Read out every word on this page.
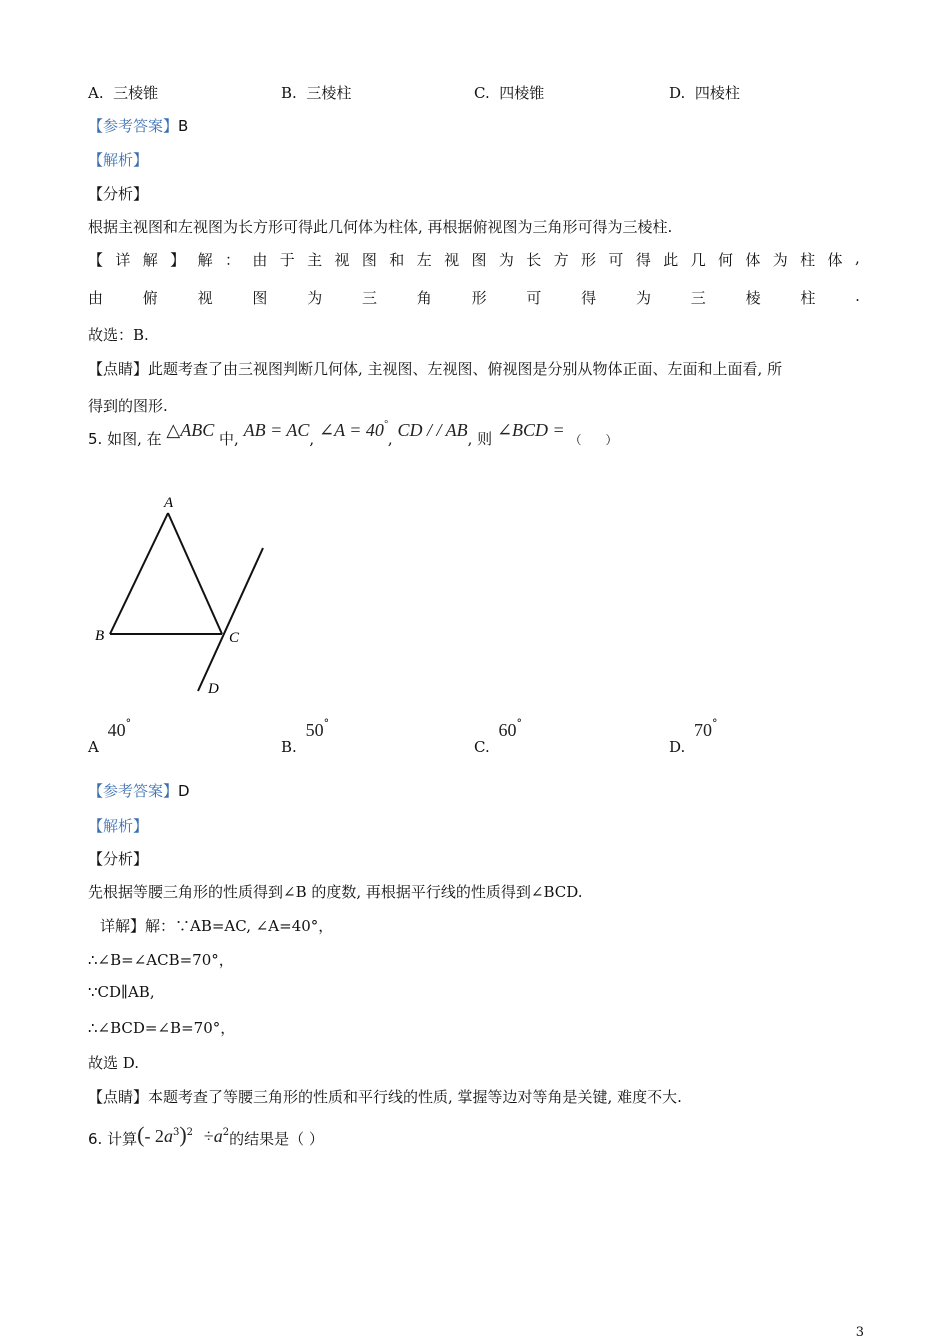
A. 三棱锥	B. 三棱柱	C. 四棱锥	D. 四棱柱
【参考答案】B
【解析】
【分析】
根据主视图和左视图为长方形可得此几何体为柱体, 再根据俯视图为三角形可得为三棱柱.
【 详 解 】 解 ： 由 于 主 视 图 和 左 视 图 为 长 方 形 可 得 此 几 何 体 为 柱 体 ,
由	俯	视	图	为	三	角	形	可	得	为	三	棱	柱	.
故选：B.
【点睛】此题考查了由三视图判断几何体, 主视图、左视图、俯视图是分别从物体正面、左面和上面看, 所
得到的图形.
5. 如图, 在 △ABC 中, AB = AC, ∠A = 40°, CD / / AB, 则 ∠BCD = （　　）
A
B	C
D
A 40°
B. 50°
C. 60°
D. 70°
【参考答案】D
【解析】
【分析】
先根据等腰三角形的性质得到∠B 的度数, 再根据平行线的性质得到∠BCD.
详解】解：∵AB=AC, ∠A=40°，
∴∠B=∠ACB=70°，
∵CD∥AB,
∴∠BCD=∠B=70°，
故选 D.
【点睛】本题考查了等腰三角形的性质和平行线的性质, 掌握等边对等角是关键, 难度不大.
6. 计算(- $2a^3)^2 \div a^2$的结果是（ ）
3
